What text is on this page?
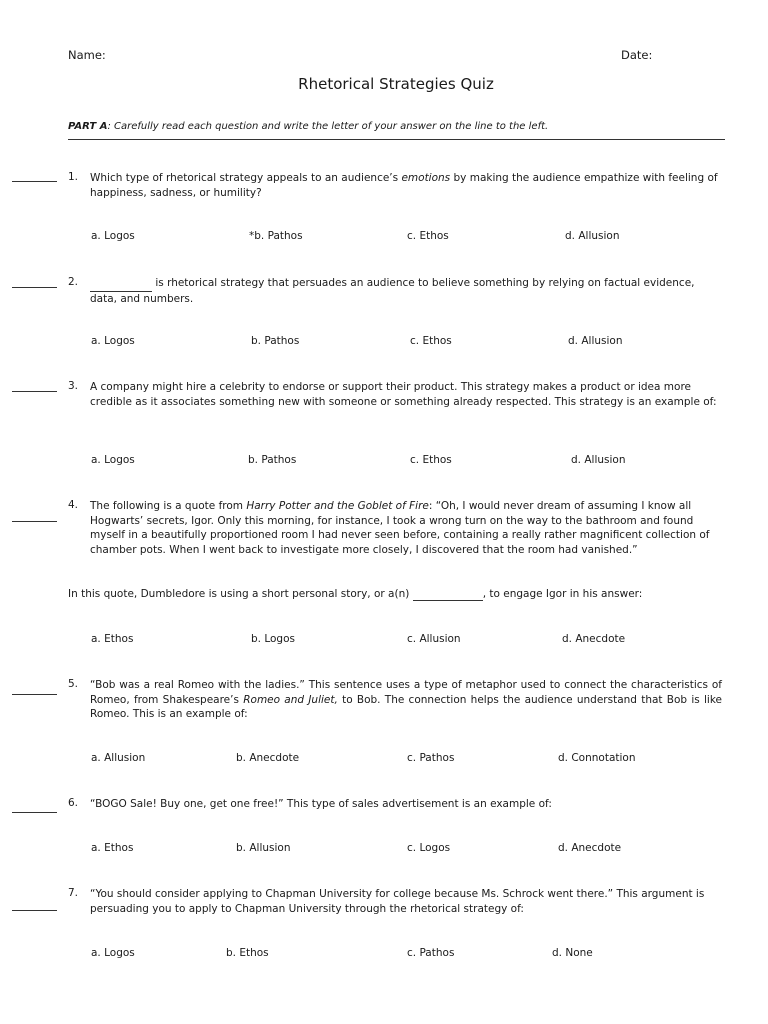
Name:	Date:
Rhetorical Strategies Quiz
PART A: Carefully read each question and write the letter of your answer on the line to the left.
1. Which type of rhetorical strategy appeals to an audience’s emotions by making the audience empathize with feeling of happiness, sadness, or humility?
a. Logos	*b. Pathos	c. Ethos	d. Allusion
2.	is rhetorical strategy that persuades an audience to believe something by relying on factual evidence, data, and numbers.
a. Logos	b. Pathos	c. Ethos	d. Allusion
3. A company might hire a celebrity to endorse or support their product. This strategy makes a product or idea more credible as it associates something new with someone or something already respected. This strategy is an example of:
a. Logos	b. Pathos	c. Ethos	d. Allusion
4. The following is a quote from Harry Potter and the Goblet of Fire: “Oh, I would never dream of assuming I know all Hogwarts’ secrets, Igor. Only this morning, for instance, I took a wrong turn on the way to the bathroom and found myself in a beautifully proportioned room I had never seen before, containing a really rather magnificent collection of chamber pots. When I went back to investigate more closely, I discovered that the room had vanished.”
In this quote, Dumbledore is using a short personal story, or a(n)	, to engage Igor in his answer:
a. Ethos	b. Logos	c. Allusion	d. Anecdote
5. “Bob was a real Romeo with the ladies.” This sentence uses a type of metaphor used to connect the characteristics of Romeo, from Shakespeare’s Romeo and Juliet, to Bob. The connection helps the audience understand that Bob is like Romeo. This is an example of:
a. Allusion	b. Anecdote	c. Pathos	d. Connotation
6. “BOGO Sale! Buy one, get one free!” This type of sales advertisement is an example of:
a. Ethos	b. Allusion	c. Logos	d. Anecdote
7. “You should consider applying to Chapman University for college because Ms. Schrock went there.” This argument is persuading you to apply to Chapman University through the rhetorical strategy of:
a. Logos	b. Ethos	c. Pathos	d. None
